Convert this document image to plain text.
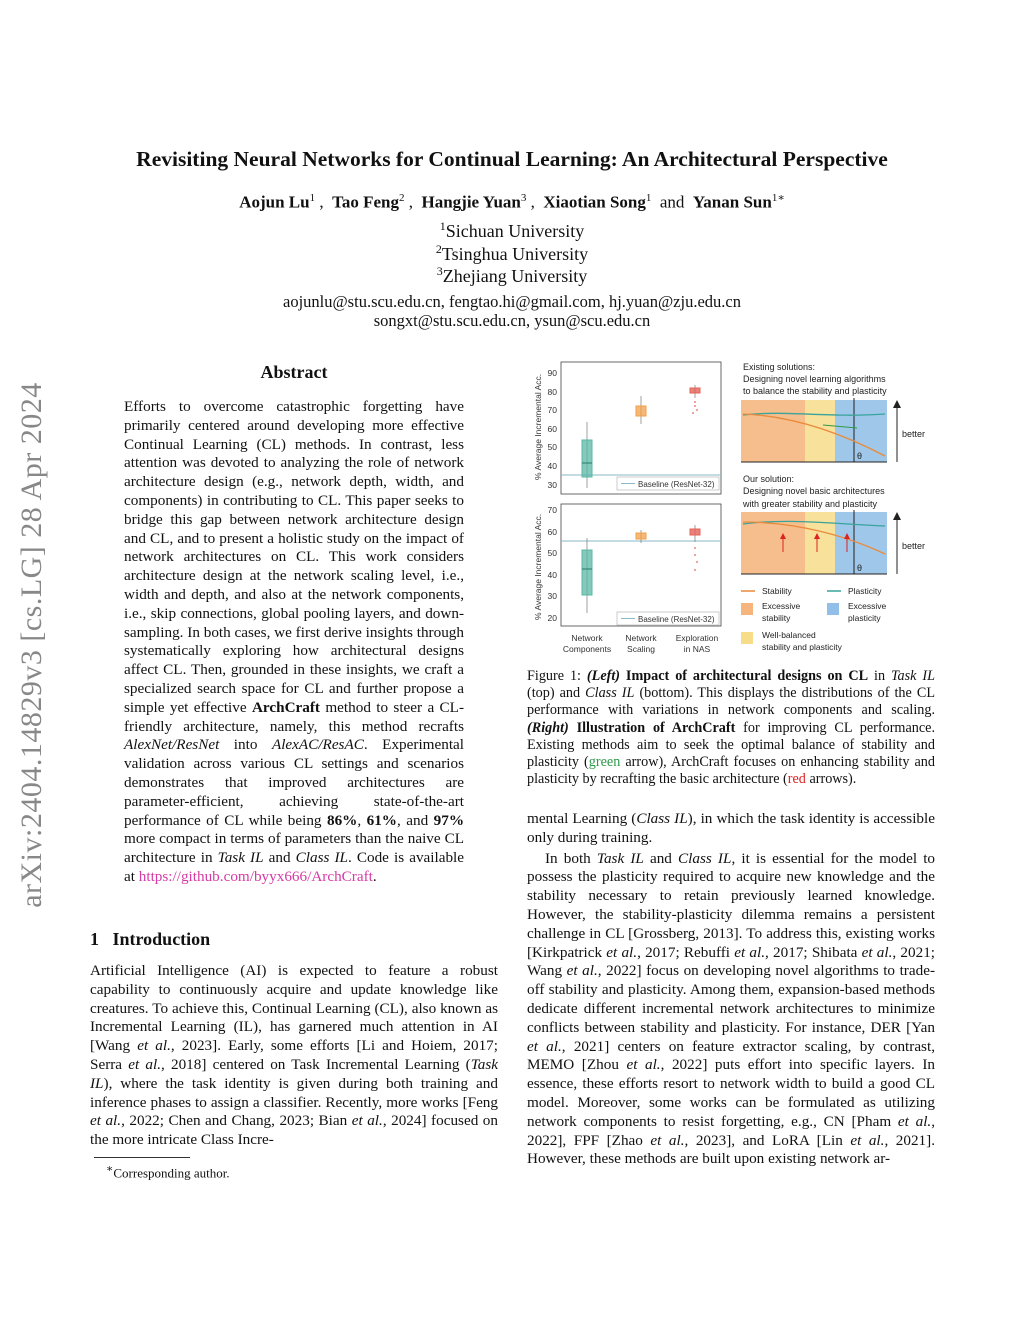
arXiv:2404.14829v3 [cs.LG] 28 Apr 2024
Revisiting Neural Networks for Continual Learning: An Architectural Perspective
Aojun Lu$^1$ ,  Tao Feng$^2$ ,  Hangjie Yuan$^3$ ,  Xiaotian Song$^1$ and Yanan Sun$^{1∗}$
$^1$Sichuan University
$^2$Tsinghua University
$^3$Zhejiang University
aojunlu@stu.scu.edu.cn, fengtao.hi@gmail.com, hj.yuan@zju.edu.cn
songxt@stu.scu.edu.cn, ysun@scu.edu.cn
Abstract
Efforts to overcome catastrophic forgetting have primarily centered around developing more effective Continual Learning (CL) methods. In contrast, less attention was devoted to analyzing the role of network architecture design (e.g., network depth, width, and components) in contributing to CL. This paper seeks to bridge this gap between network architecture design and CL, and to present a holistic study on the impact of network architectures on CL. This work considers architecture design at the network scaling level, i.e., width and depth, and also at the network components, i.e., skip connections, global pooling layers, and down-sampling. In both cases, we first derive insights through systematically exploring how architectural designs affect CL. Then, grounded in these insights, we craft a specialized search space for CL and further propose a simple yet effective ArchCraft method to steer a CL-friendly architecture, namely, this method recrafts AlexNet/ResNet into AlexAC/ResAC. Experimental validation across various CL settings and scenarios demonstrates that improved architectures are parameter-efficient, achieving state-of-the-art performance of CL while being 86%, 61%, and 97% more compact in terms of parameters than the naive CL architecture in Task IL and Class IL. Code is available at https://github.com/byyx666/ArchCraft.
1 Introduction
Artificial Intelligence (AI) is expected to feature a robust capability to continuously acquire and update knowledge like creatures. To achieve this, Continual Learning (CL), also known as Incremental Learning (IL), has garnered much attention in AI [Wang et al., 2023]. Early, some efforts [Li and Hoiem, 2017; Serra et al., 2018] centered on Task Incremental Learning (Task IL), where the task identity is given during both training and inference phases to assign a classifier. Recently, more works [Feng et al., 2022; Chen and Chang, 2023; Bian et al., 2024] focused on the more intricate Class Incre-
∗Corresponding author.
% Average Incremental Acc.
90
80
70
60
50
40
30	Baseline (ResNet-32)
% Average Incremental Acc.
70
60
50
40
30
20	Baseline (ResNet-32)
Network
Components
Network
Scaling
Exploration
in NAS
Existing solutions:
Designing novel learning algorithms
to balance the stability and plasticity
θ
better
Our solution:
Designing novel basic architectures
with greater stability and plasticity
θ
better
Stability	Plasticity
Excessive
stability
Excessive
plasticity
Well-balanced
stability and plasticity
Figure 1: (Left) Impact of architectural designs on CL in Task IL (top) and Class IL (bottom). This displays the distributions of the CL performance with variations in network components and scaling. (Right) Illustration of ArchCraft for improving CL performance. Existing methods aim to seek the optimal balance of stability and plasticity (green arrow), ArchCraft focuses on enhancing stability and plasticity by recrafting the basic architecture (red arrows).
mental Learning (Class IL), in which the task identity is accessible only during training.
In both Task IL and Class IL, it is essential for the model to possess the plasticity required to acquire new knowledge and the stability necessary to retain previously learned knowledge. However, the stability-plasticity dilemma remains a persistent challenge in CL [Grossberg, 2013]. To address this, existing works [Kirkpatrick et al., 2017; Rebuffi et al., 2017; Shibata et al., 2021; Wang et al., 2022] focus on developing novel algorithms to trade-off stability and plasticity. Among them, expansion-based methods dedicate different incremental network architectures to minimize conflicts between stability and plasticity. For instance, DER [Yan et al., 2021] centers on feature extractor scaling, by contrast, MEMO [Zhou et al., 2022] puts effort into specific layers. In essence, these efforts resort to network width to build a good CL model. Moreover, some works can be formulated as utilizing network components to resist forgetting, e.g., CN [Pham et al., 2022], FPF [Zhao et al., 2023], and LoRA [Lin et al., 2021]. However, these methods are built upon existing network ar-
